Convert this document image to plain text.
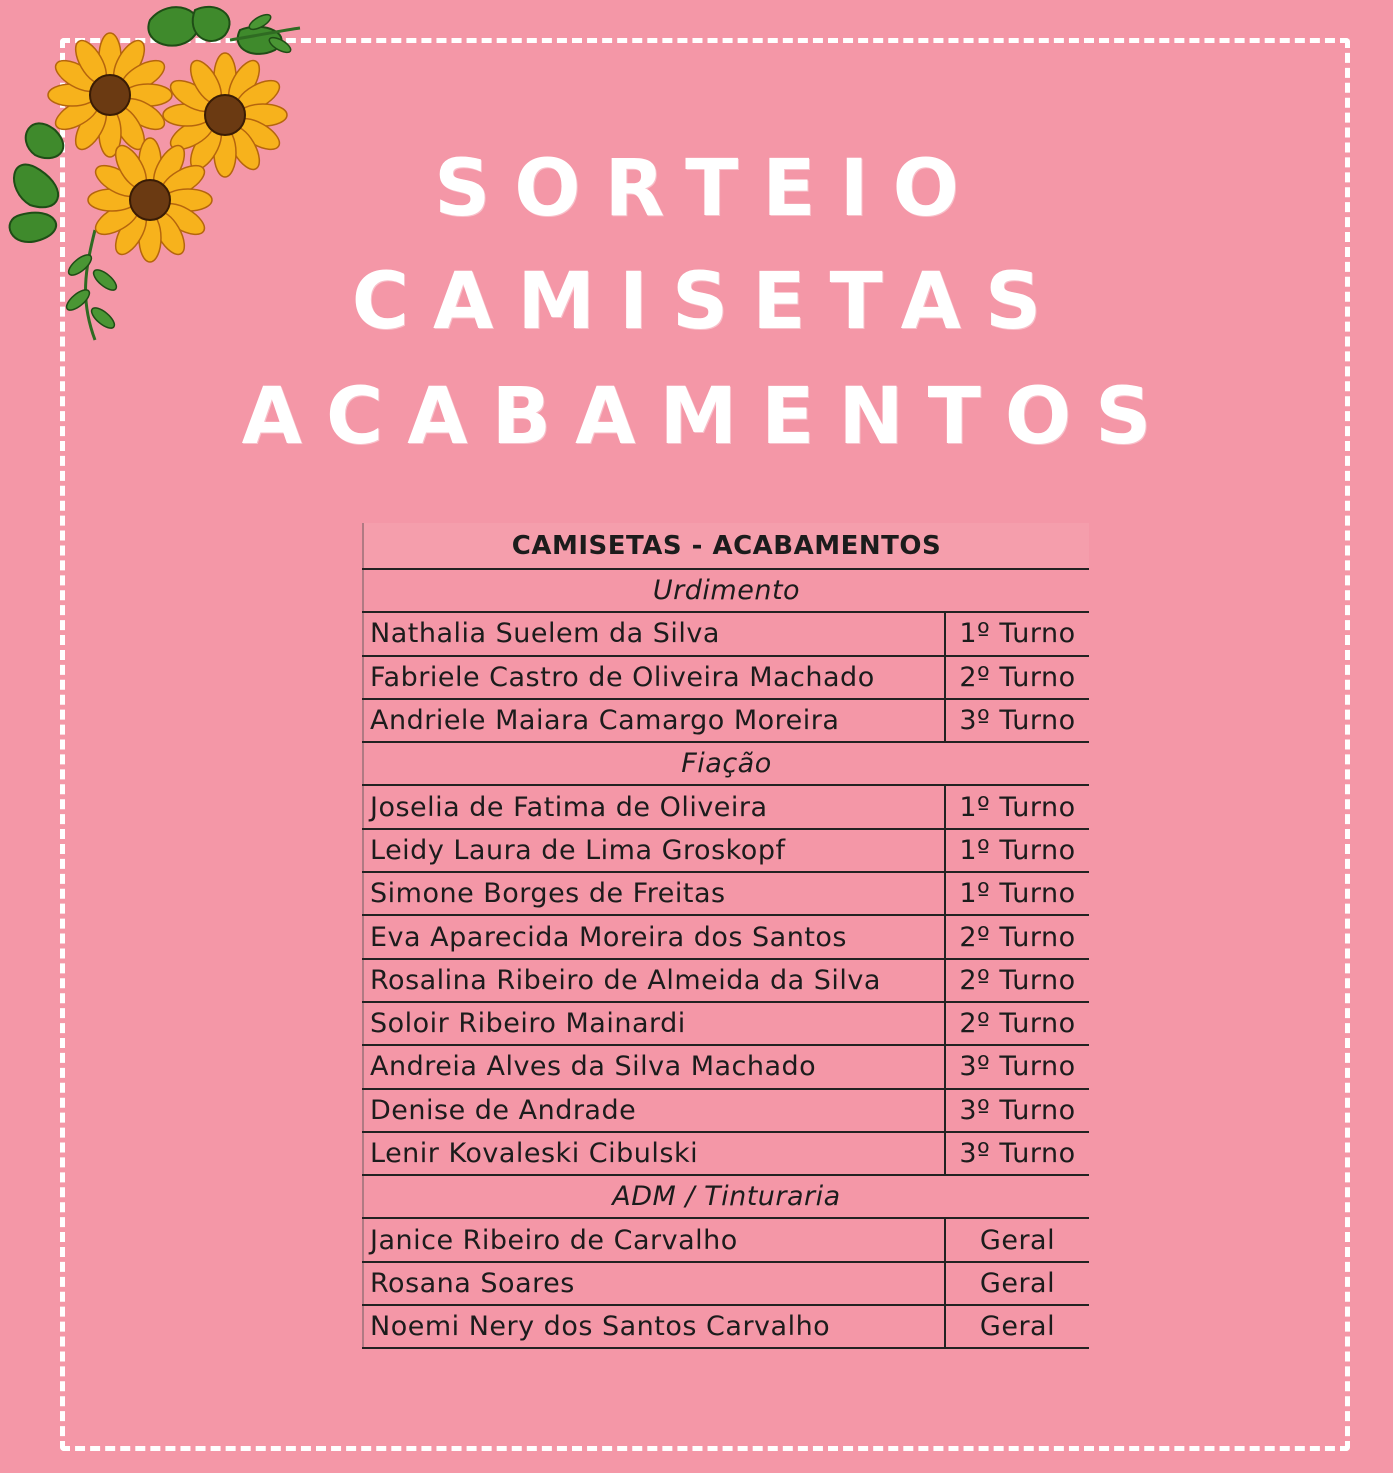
SORTEIO
CAMISETAS
ACABAMENTOS
CAMISETAS - ACABAMENTOS	
Urdimento	
Nathalia Suelem da Silva	1º Turno
Fabriele Castro de Oliveira Machado	2º Turno
Andriele Maiara Camargo Moreira	3º Turno
Fiação	
Joselia de Fatima de Oliveira	1º Turno
Leidy Laura de Lima Groskopf	1º Turno
Simone Borges de Freitas	1º Turno
Eva Aparecida Moreira dos Santos	2º Turno
Rosalina Ribeiro de Almeida da Silva	2º Turno
Soloir Ribeiro Mainardi	2º Turno
Andreia Alves da Silva Machado	3º Turno
Denise de Andrade	3º Turno
Lenir Kovaleski Cibulski	3º Turno
ADM / Tinturaria	
Janice Ribeiro de Carvalho	Geral
Rosana Soares	Geral
Noemi Nery dos Santos Carvalho	Geral
